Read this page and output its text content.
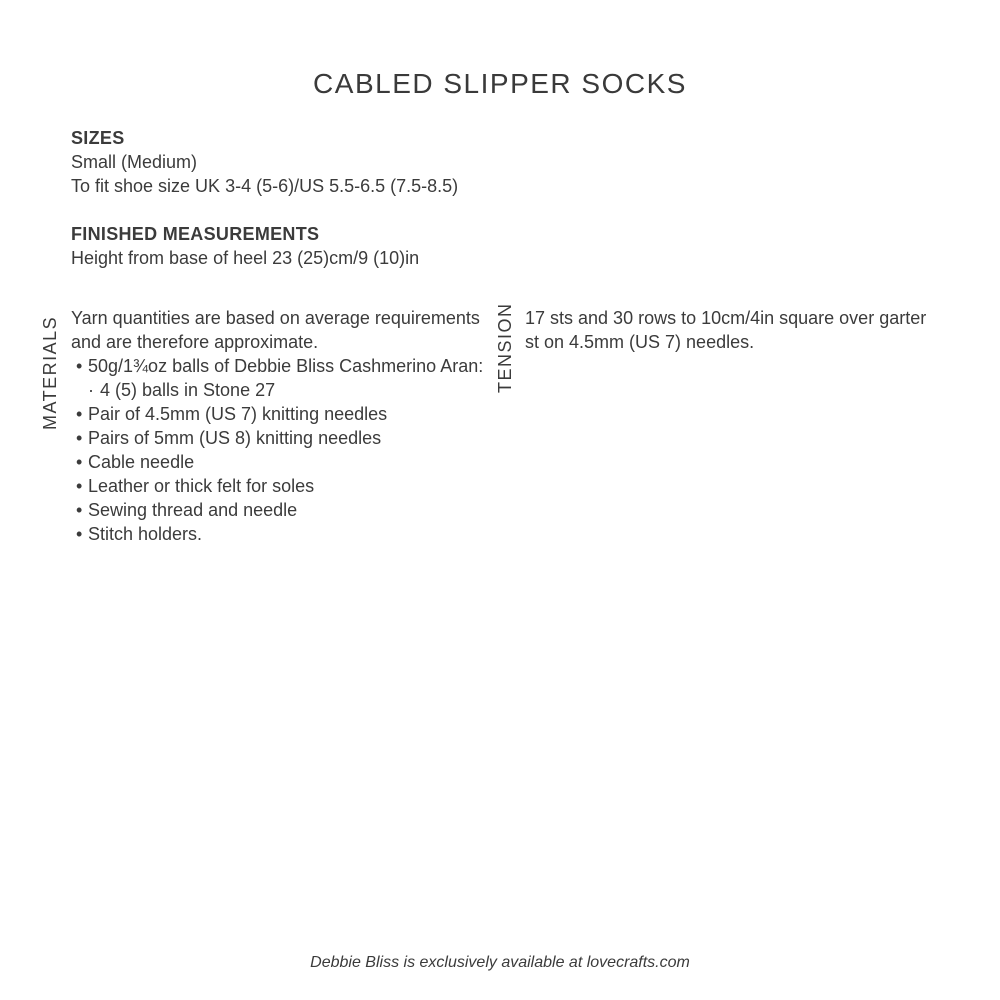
CABLED SLIPPER SOCKS
SIZES
Small (Medium)
To fit shoe size UK 3-4 (5-6)/US 5.5-6.5 (7.5-8.5)
FINISHED MEASUREMENTS
Height from base of heel 23 (25)cm/9 (10)in
MATERIALS Yarn quantities are based on average requirements and are therefore approximate.
• 50g/1¾oz balls of Debbie Bliss Cashmerino Aran:
· 4 (5) balls in Stone 27
• Pair of 4.5mm (US 7) knitting needles
• Pairs of 5mm (US 8) knitting needles
• Cable needle
• Leather or thick felt for soles
• Sewing thread and needle
• Stitch holders.
TENSION 17 sts and 30 rows to 10cm/4in square over garter st on 4.5mm (US 7) needles.
Debbie Bliss is exclusively available at lovecrafts.com
